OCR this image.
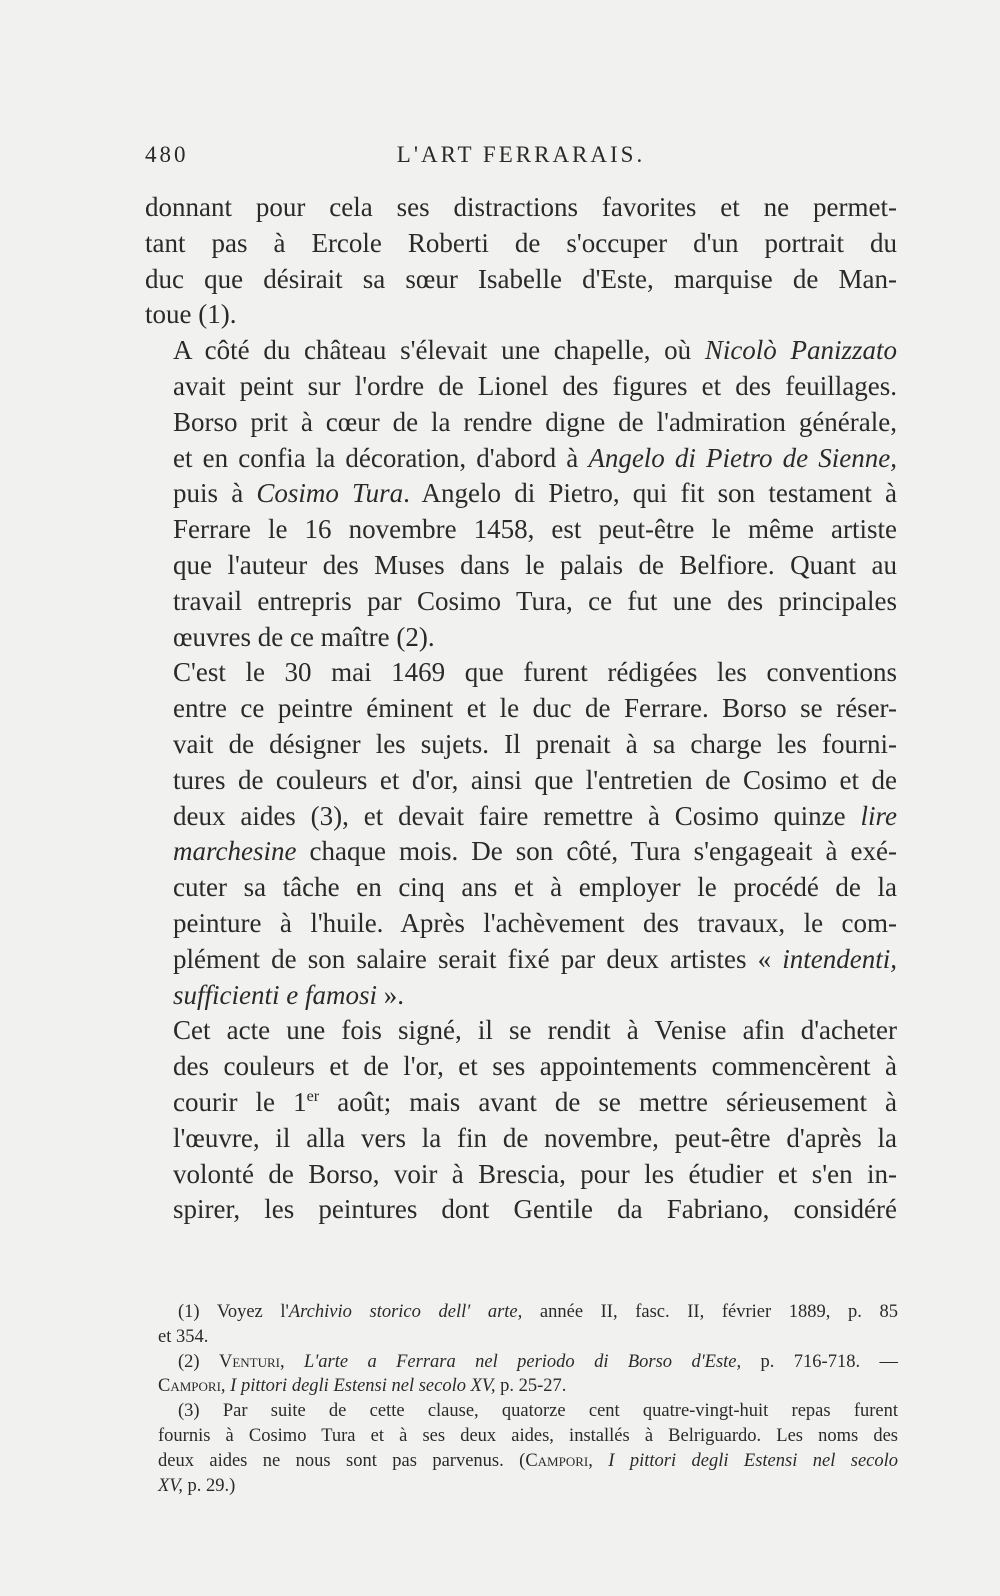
480	L'ART FERRARAIS.

donnant pour cela ses distractions favorites et ne permet-
tant pas à Ercole Roberti de s'occuper d'un portrait du
duc que désirait sa sœur Isabelle d'Este, marquise de Man-
toue (1).

A côté du château s'élevait une chapelle, où Nicolò Panizzato
avait peint sur l'ordre de Lionel des figures et des feuillages.
Borso prit à cœur de la rendre digne de l'admiration générale,
et en confia la décoration, d'abord à Angelo di Pietro de Sienne,
puis à Cosimo Tura. Angelo di Pietro, qui fit son testament à
Ferrare le 16 novembre 1458, est peut-être le même artiste
que l'auteur des Muses dans le palais de Belfiore. Quant au
travail entrepris par Cosimo Tura, ce fut une des principales
œuvres de ce maître (2).

C'est le 30 mai 1469 que furent rédigées les conventions
entre ce peintre éminent et le duc de Ferrare. Borso se réser-
vait de désigner les sujets. Il prenait à sa charge les fourni-
tures de couleurs et d'or, ainsi que l'entretien de Cosimo et de
deux aides (3), et devait faire remettre à Cosimo quinze lire
marchesine chaque mois. De son côté, Tura s'engageait à exé-
cuter sa tâche en cinq ans et à employer le procédé de la
peinture à l'huile. Après l'achèvement des travaux, le com-
plément de son salaire serait fixé par deux artistes « intendenti,
sufficienti e famosi ».

Cet acte une fois signé, il se rendit à Venise afin d'acheter
des couleurs et de l'or, et ses appointements commencèrent à
courir le 1er août; mais avant de se mettre sérieusement à
l'œuvre, il alla vers la fin de novembre, peut-être d'après la
volonté de Borso, voir à Brescia, pour les étudier et s'en in-
spirer, les peintures dont Gentile da Fabriano, considéré

(1) Voyez l'Archivio storico dell' arte, année II, fasc. II, février 1889, p. 85
et 354.
(2) Venturi, L'arte a Ferrara nel periodo di Borso d'Este, p. 716-718. —
Campori, I pittori degli Estensi nel secolo XV, p. 25-27.
(3) Par suite de cette clause, quatorze cent quatre-vingt-huit repas furent
fournis à Cosimo Tura et à ses deux aides, installés à Belriguardo. Les noms des
deux aides ne nous sont pas parvenus. (Campori, I pittori degli Estensi nel secolo
XV, p. 29.)
